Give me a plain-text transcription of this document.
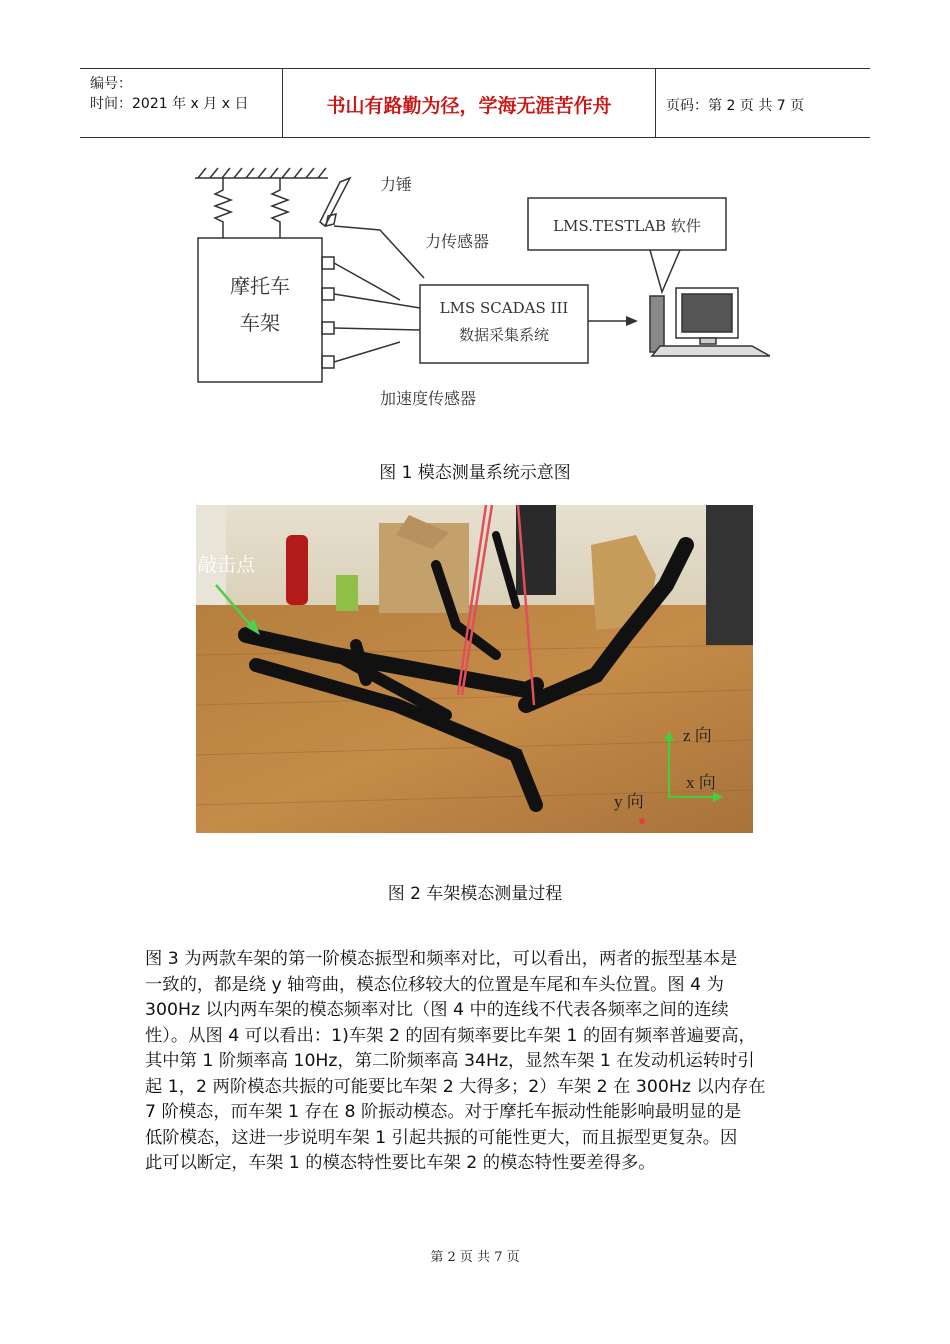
编号：
时间：2021 年 x 月 x 日	书山有路勤为径，学海无涯苦作舟	页码：第 2 页 共 7 页
摩托车
车架
力锤
力传感器
LMS SCADAS III
数据采集系统
LMS.TESTLAB 软件
加速度传感器
图 1 模态测量系统示意图
敲击点
z 向
x 向
y 向
图 2 车架模态测量过程

图 3 为两款车架的第一阶模态振型和频率对比，可以看出，两者的振型基本是
一致的，都是绕 y 轴弯曲，模态位移较大的位置是车尾和车头位置。图 4 为
300Hz 以内两车架的模态频率对比（图 4 中的连线不代表各频率之间的连续
性）。从图 4 可以看出：1)车架 2 的固有频率要比车架 1 的固有频率普遍要高，
其中第 1 阶频率高 10Hz，第二阶频率高 34Hz，显然车架 1 在发动机运转时引
起 1，2 两阶模态共振的可能要比车架 2 大得多；2）车架 2 在 300Hz 以内存在
7 阶模态，而车架 1 存在 8 阶振动模态。对于摩托车振动性能影响最明显的是
低阶模态，这进一步说明车架 1 引起共振的可能性更大，而且振型更复杂。因
此可以断定，车架 1 的模态特性要比车架 2 的模态特性要差得多。

第 2 页 共 7 页
